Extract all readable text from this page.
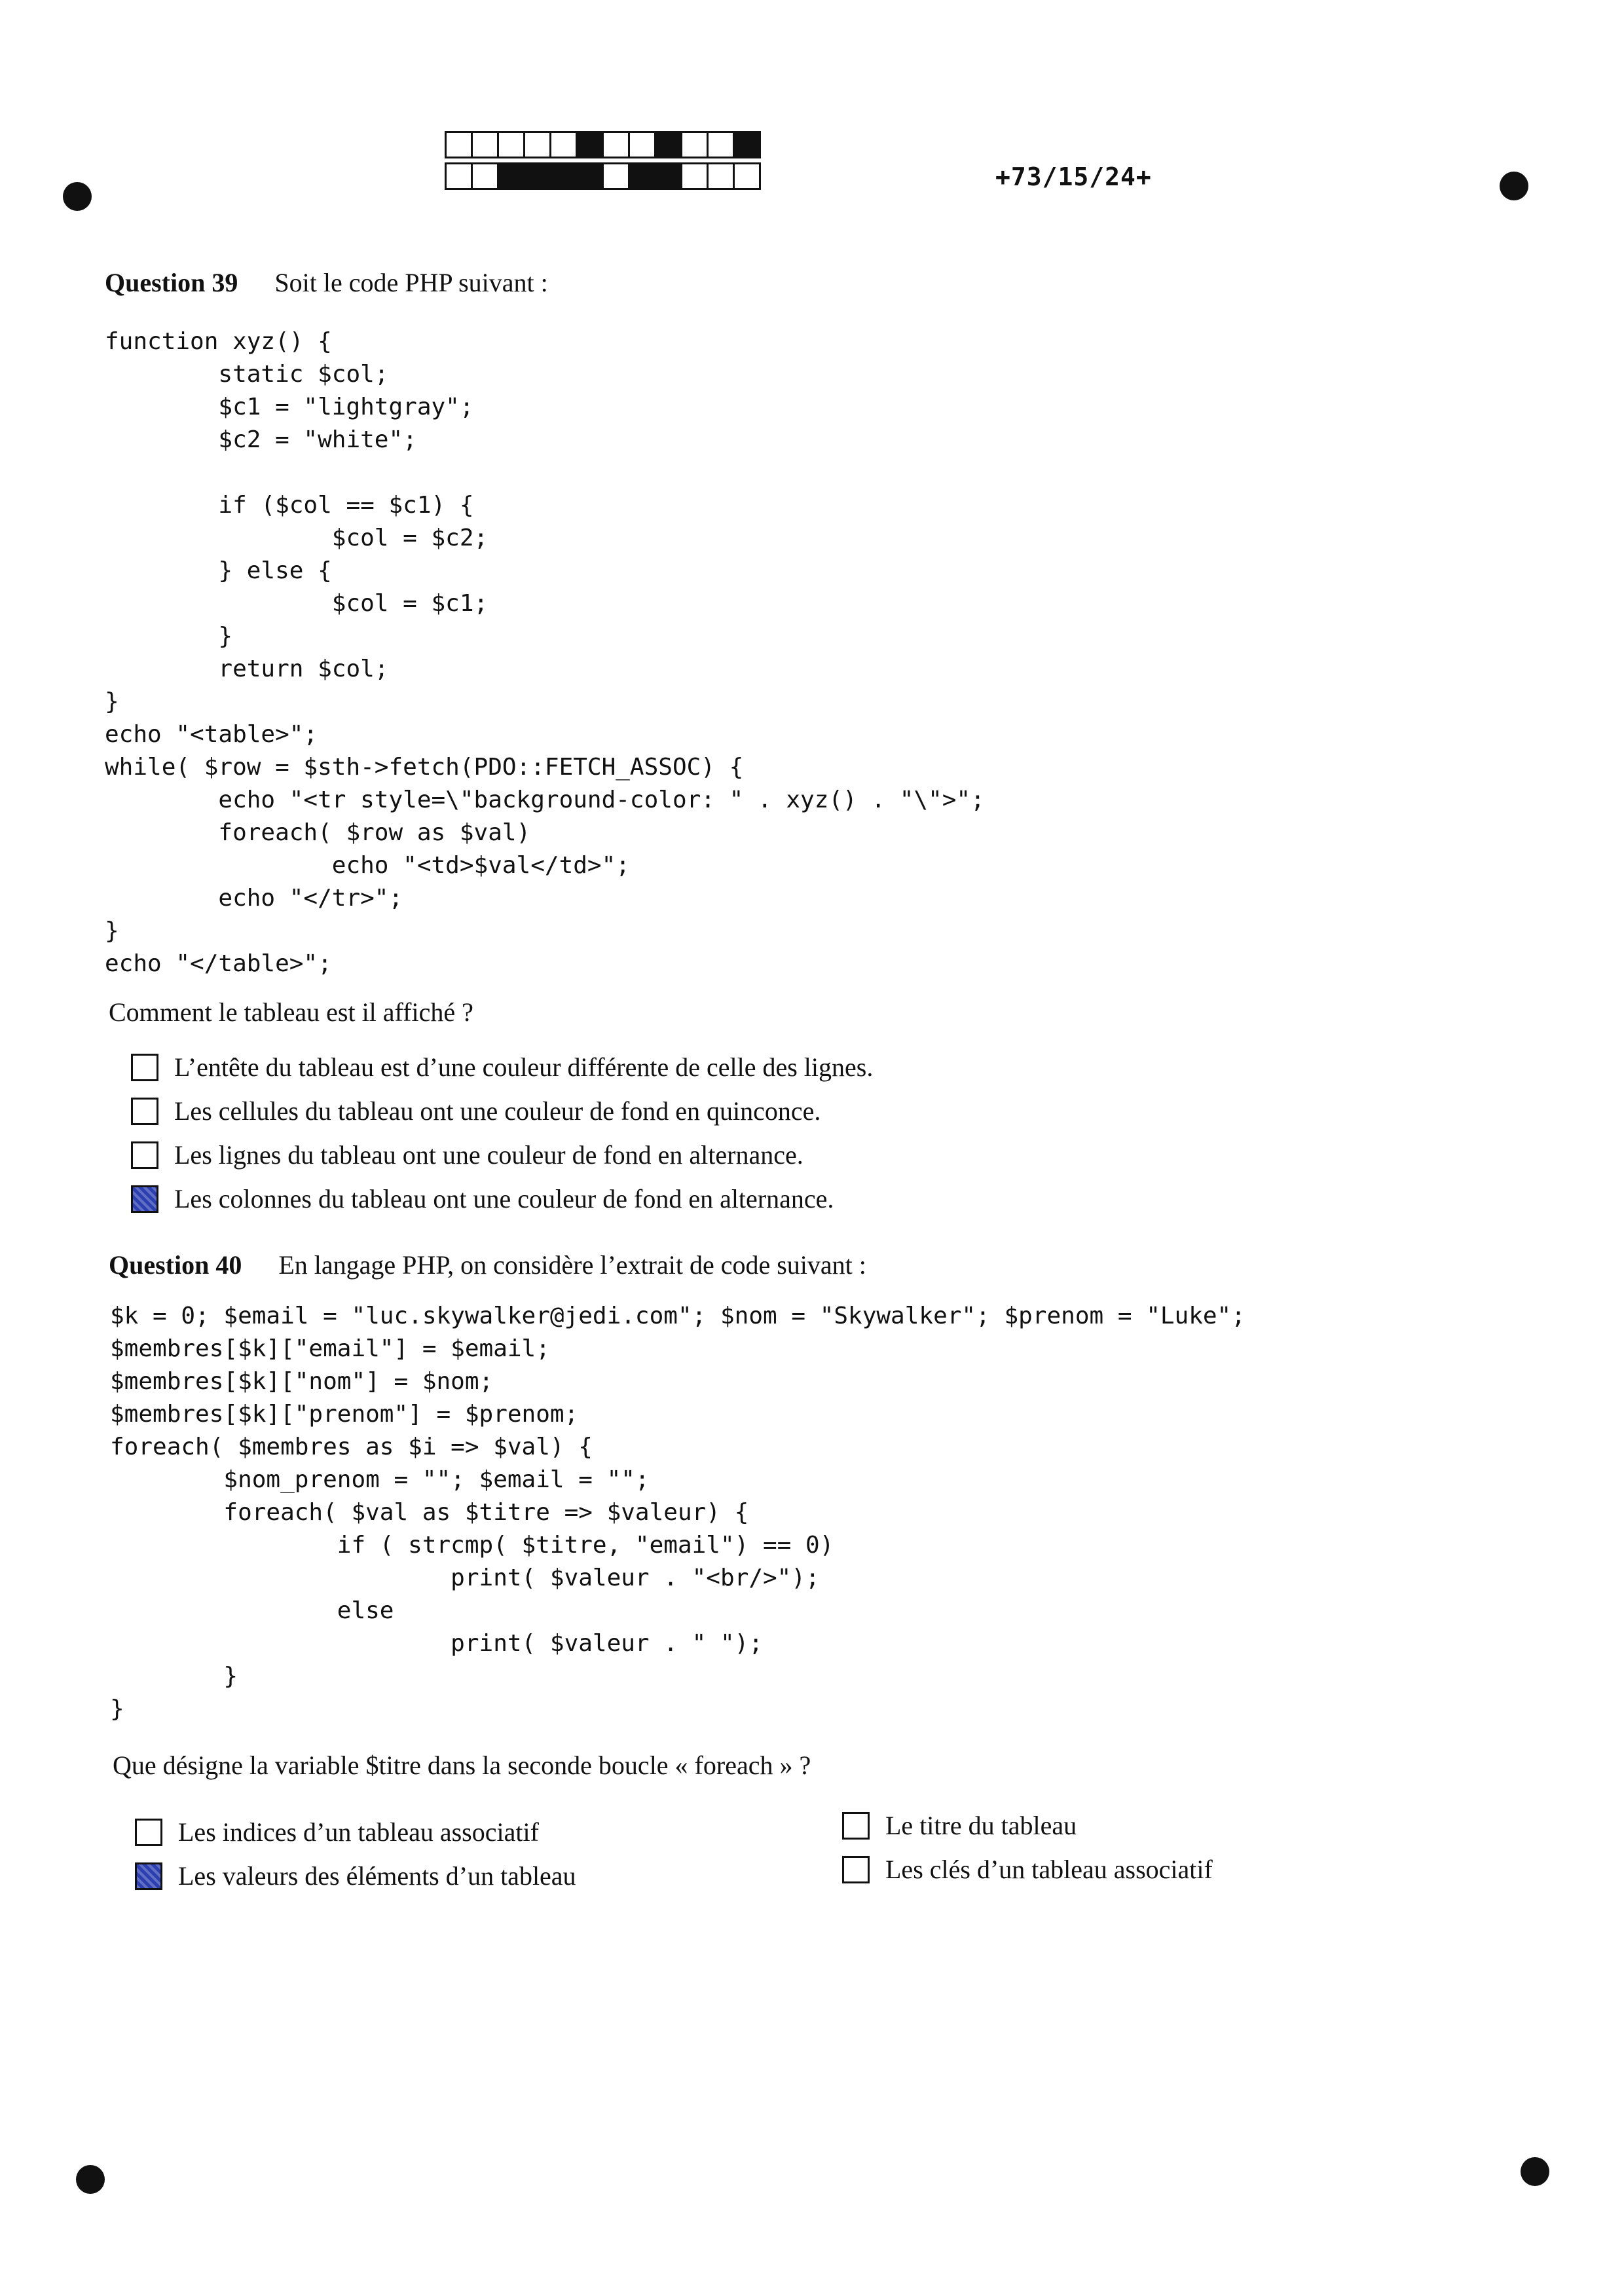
+73/15/24+
Question 39 Soit le code PHP suivant :
function xyz() {
static $col;
$c1 = "lightgray";
$c2 = "white";

if ($col == $c1) {
$col = $c2;
} else {
$col = $c1;
}
return $col;
}
echo "<table>";
while( $row = $sth->fetch(PDO::FETCH_ASSOC) {
echo "<tr style=\"background-color: " . xyz() . "\">";
foreach( $row as $val)
echo "<td>$val</td>";
echo "</tr>";
}
echo "</table>";
Comment le tableau est il affiché ?
L’entête du tableau est d’une couleur différente de celle des lignes.
Les cellules du tableau ont une couleur de fond en quinconce.
Les lignes du tableau ont une couleur de fond en alternance.
Les colonnes du tableau ont une couleur de fond en alternance.
Question 40 En langage PHP, on considère l’extrait de code suivant :
$k = 0; $email = "luc.skywalker@jedi.com"; $nom = "Skywalker"; $prenom = "Luke";
$membres[$k]["email"] = $email;
$membres[$k]["nom"] = $nom;
$membres[$k]["prenom"] = $prenom;
foreach( $membres as $i => $val) {
$nom_prenom = ""; $email = "";
foreach( $val as $titre => $valeur) {
if ( strcmp( $titre, "email") == 0)
print( $valeur . "<br/>");
else
print( $valeur . " ");
}
}
Que désigne la variable $titre dans la seconde boucle « foreach » ?
Les indices d’un tableau associatif	Le titre du tableau
Les valeurs des éléments d’un tableau	Les clés d’un tableau associatif
